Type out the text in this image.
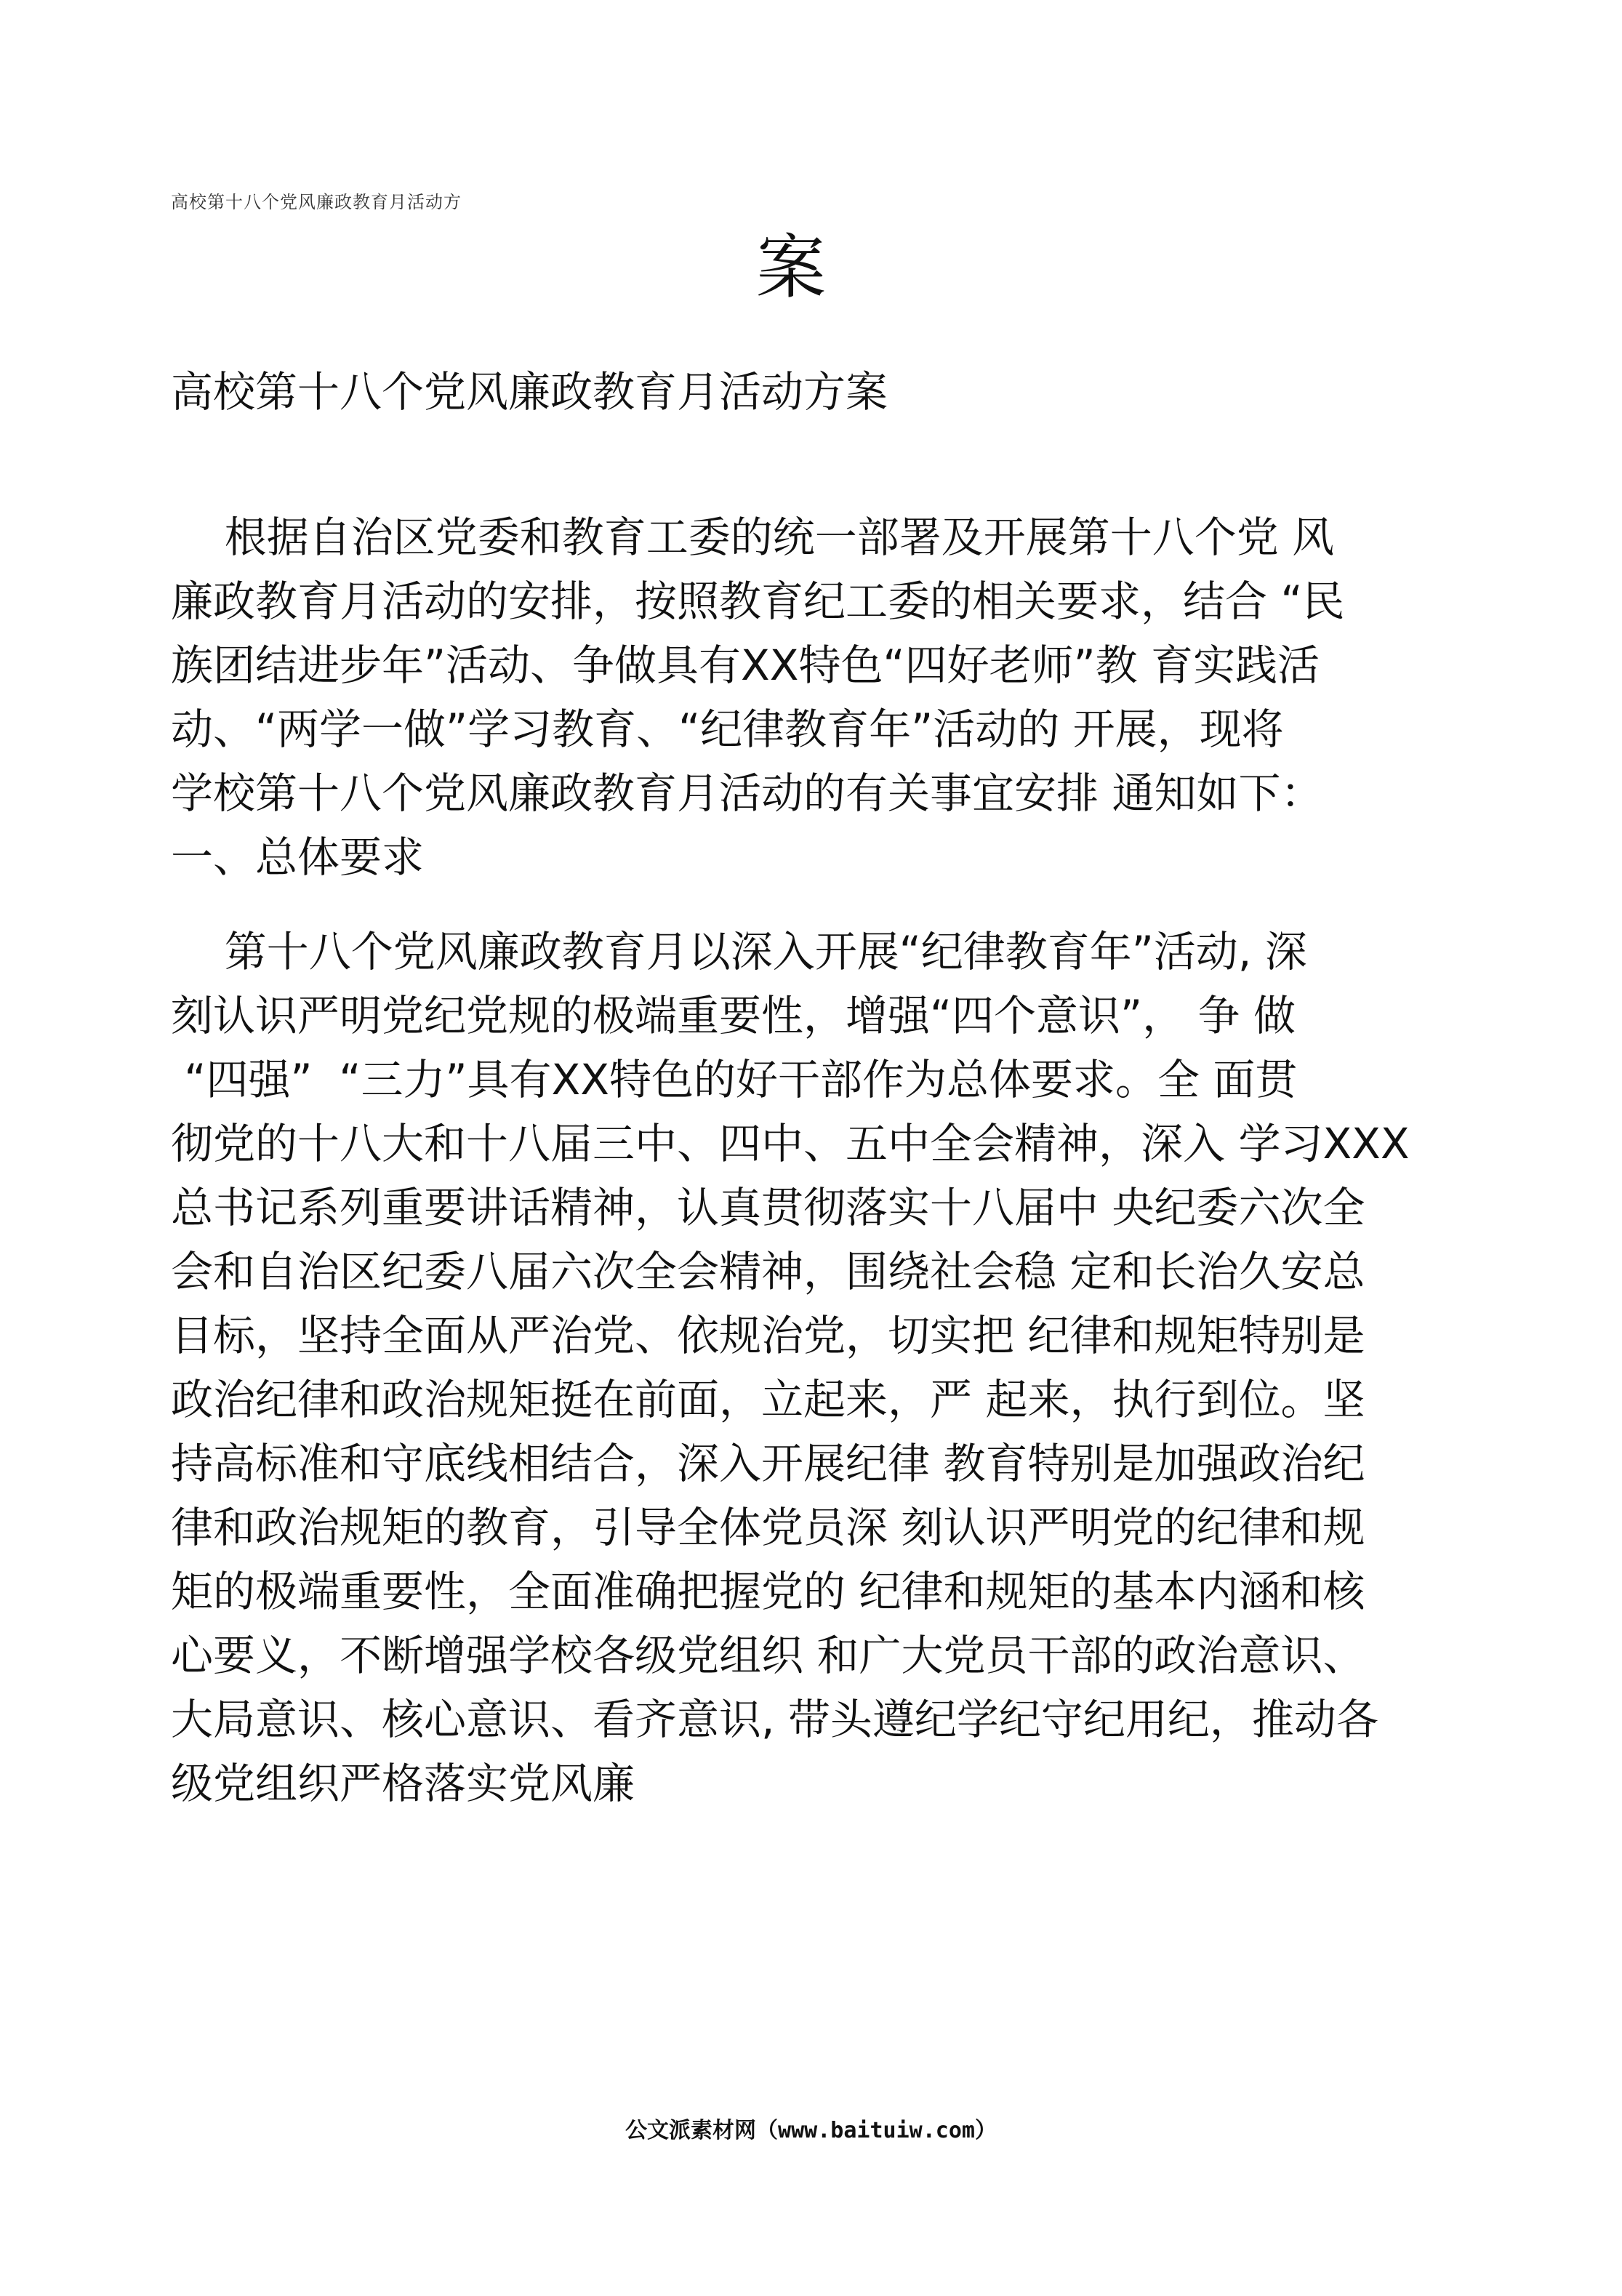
高校第十八个党风廉政教育月活动方
案
高校第十八个党风廉政教育月活动方案
根据自治区党委和教育工委的统一部署及开展第十八个党 风
廉政教育月活动的安排，按照教育纪工委的相关要求，结合 “民
族团结进步年”活动、争做具有XX特色“四好老师”教 育实践活
动、“两学一做”学习教育、“纪律教育年”活动的 开展，现将
学校第十八个党风廉政教育月活动的有关事宜安排 通知如下：
一、总体要求
第十八个党风廉政教育月以深入开展“纪律教育年”活动, 深
刻认识严明党纪党规的极端重要性，增强“四个意识”， 争 做
“四强”  “三力”具有XX特色的好干部作为总体要求。全 面贯
彻党的十八大和十八届三中、四中、五中全会精神，深入 学习XXX
总书记系列重要讲话精神，认真贯彻落实十八届中 央纪委六次全
会和自治区纪委八届六次全会精神，围绕社会稳 定和长治久安总
目标，坚持全面从严治党、依规治党，切实把 纪律和规矩特别是
政治纪律和政治规矩挺在前面，立起来，严 起来，执行到位。坚
持高标准和守底线相结合，深入开展纪律 教育特别是加强政治纪
律和政治规矩的教育，引导全体党员深 刻认识严明党的纪律和规
矩的极端重要性，全面准确把握党的 纪律和规矩的基本内涵和核
心要义，不断增强学校各级党组织 和广大党员干部的政治意识、
大局意识、核心意识、看齐意识, 带头遵纪学纪守纪用纪，推动各
级党组织严格落实党风廉
公文派素材网（www.baituiw.com）
